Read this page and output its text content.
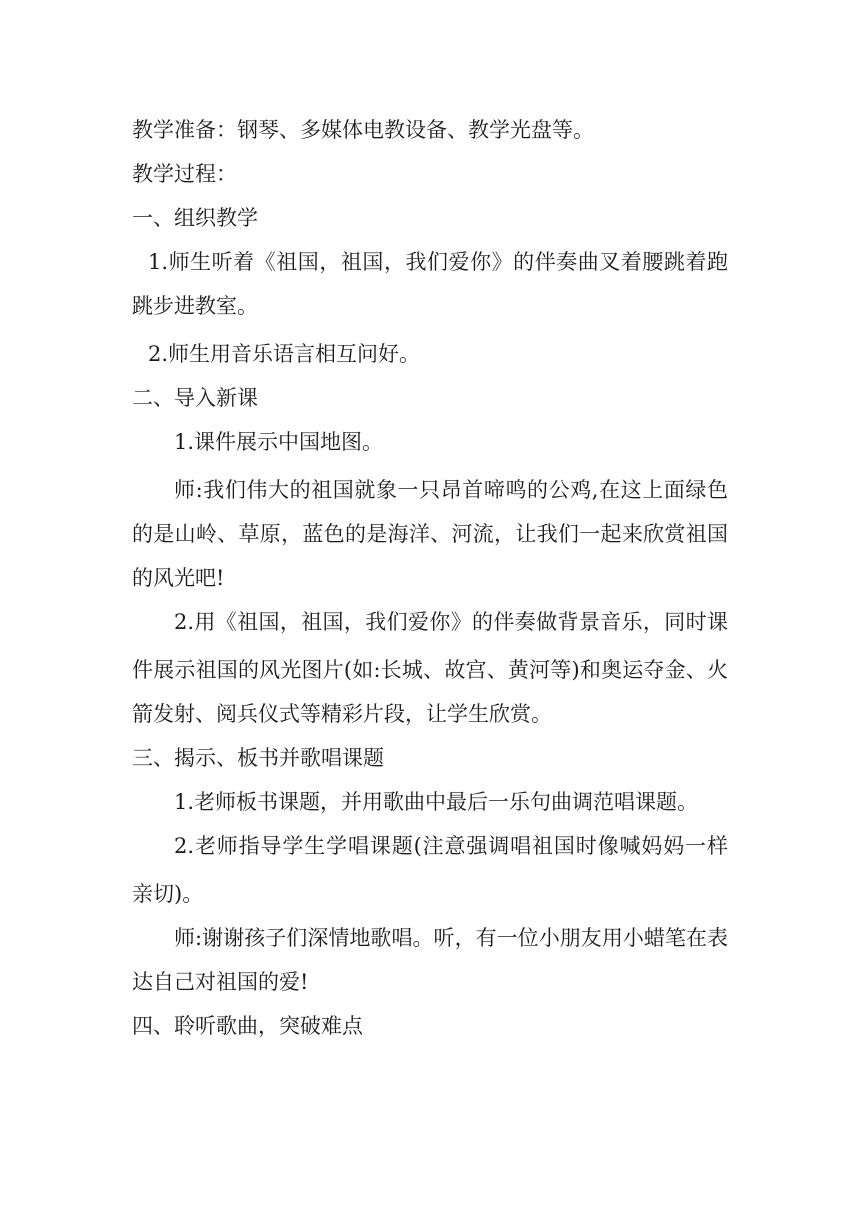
教学准备：钢琴、多媒体电教设备、教学光盘等。
教学过程：
一、组织教学
1.师生听着《祖国，祖国，我们爱你》的伴奏曲叉着腰跳着跑
跳步进教室。
2.师生用音乐语言相互问好。
二、导入新课
1.课件展示中国地图。
师:我们伟大的祖国就象一只昂首啼鸣的公鸡,在这上面绿色
的是山岭、草原，蓝色的是海洋、河流，让我们一起来欣赏祖国
的风光吧!
2.用《祖国，祖国，我们爱你》的伴奏做背景音乐，同时课
件展示祖国的风光图片(如:长城、故宫、黄河等)和奥运夺金、火
箭发射、阅兵仪式等精彩片段，让学生欣赏。
三、揭示、板书并歌唱课题
1.老师板书课题，并用歌曲中最后一乐句曲调范唱课题。
2.老师指导学生学唱课题(注意强调唱祖国时像喊妈妈一样
亲切)。
师:谢谢孩子们深情地歌唱。听，有一位小朋友用小蜡笔在表
达自己对祖国的爱!
四、聆听歌曲，突破难点
